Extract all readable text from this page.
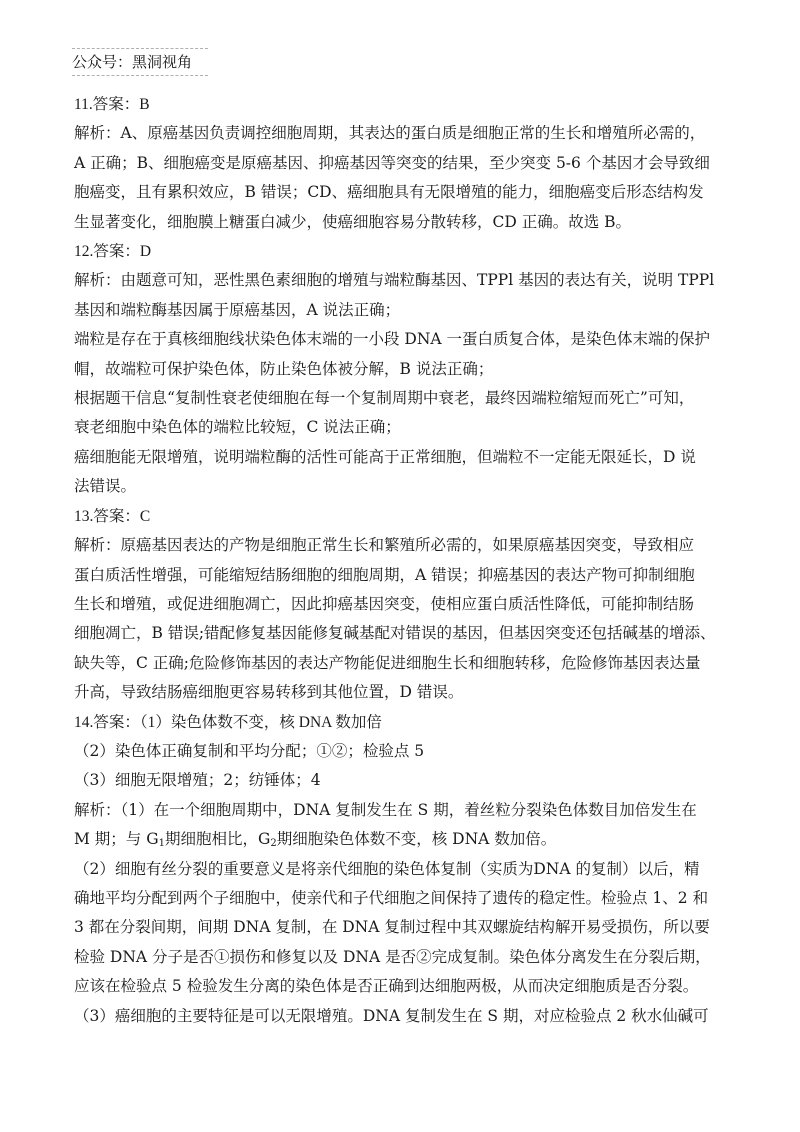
公众号：黑洞视角

11.答案：B

解析：A、原癌基因负责调控细胞周期，其表达的蛋白质是细胞正常的生长和增殖所必需的，

A 正确；B、细胞癌变是原癌基因、抑癌基因等突变的结果，至少突变 5-6 个基因才会导致细

胞癌变，且有累积效应，B 错误；CD、癌细胞具有无限增殖的能力，细胞癌变后形态结构发

生显著变化，细胞膜上糖蛋白减少，使癌细胞容易分散转移，CD 正确。故选 B。

12.答案：D

解析：由题意可知，恶性黑色素细胞的增殖与端粒酶基因、TPPl 基因的表达有关，说明 TPPl

基因和端粒酶基因属于原癌基因，A 说法正确；

端粒是存在于真核细胞线状染色体末端的一小段 DNA 一蛋白质复合体，是染色体末端的保护

帽，故端粒可保护染色体，防止染色体被分解，B 说法正确；

根据题干信息“复制性衰老使细胞在每一个复制周期中衰老，最终因端粒缩短而死亡”可知，

衰老细胞中染色体的端粒比较短，C 说法正确；

癌细胞能无限增殖，说明端粒酶的活性可能高于正常细胞，但端粒不一定能无限延长，D 说

法错误。

13.答案：C

解析：原癌基因表达的产物是细胞正常生长和繁殖所必需的，如果原癌基因突变，导致相应

蛋白质活性增强，可能缩短结肠细胞的细胞周期，A 错误；抑癌基因的表达产物可抑制细胞

生长和增殖，或促进细胞凋亡，因此抑癌基因突变，使相应蛋白质活性降低，可能抑制结肠

细胞凋亡，B 错误;错配修复基因能修复碱基配对错误的基因，但基因突变还包括碱基的增添、

缺失等，C 正确;危险修饰基因的表达产物能促进细胞生长和细胞转移，危险修饰基因表达量

升高，导致结肠癌细胞更容易转移到其他位置，D 错误。

14.答案：（1）染色体数不变，核 DNA 数加倍

（2）染色体正确复制和平均分配；①②；检验点 5

（3）细胞无限增殖；2；纺锤体；4

解析：（1）在一个细胞周期中，DNA 复制发生在 S 期，着丝粒分裂染色体数目加倍发生在

M 期；与 $G_1$期细胞相比，$G_2$期细胞染色体数不变，核 DNA 数加倍。

（2）细胞有丝分裂的重要意义是将亲代细胞的染色体复制（实质为DNA 的复制）以后，精

确地平均分配到两个子细胞中，使亲代和子代细胞之间保持了遗传的稳定性。检验点 1、2 和

3 都在分裂间期，间期 DNA 复制，在 DNA 复制过程中其双螺旋结构解开易受损伤，所以要

检验 DNA 分子是否①损伤和修复以及 DNA 是否②完成复制。染色体分离发生在分裂后期，

应该在检验点 5 检验发生分离的染色体是否正确到达细胞两极，从而决定细胞质是否分裂。

（3）癌细胞的主要特征是可以无限增殖。DNA 复制发生在 S 期，对应检验点 2 秋水仙碱可
